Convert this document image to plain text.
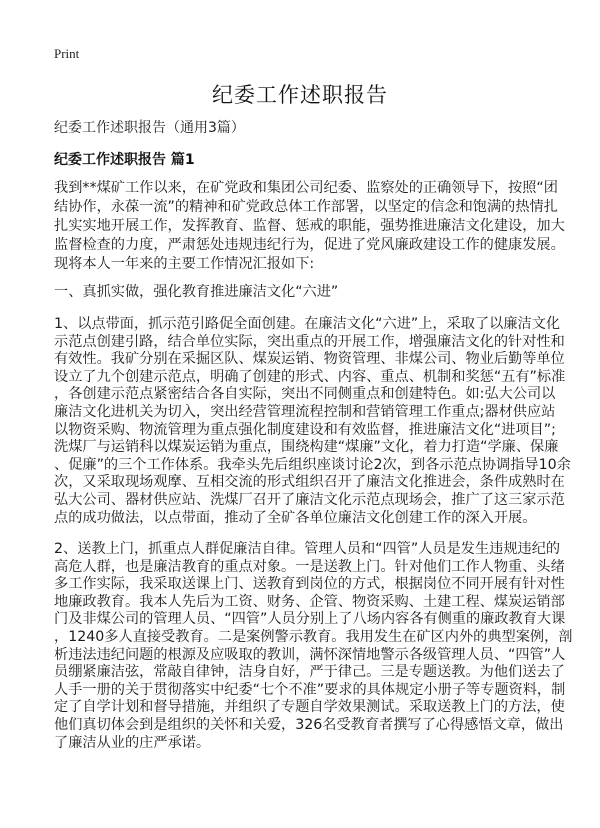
Print
纪委工作述职报告
纪委工作述职报告（通用3篇）
纪委工作述职报告 篇1
我到**煤矿工作以来，在矿党政和集团公司纪委、监察处的正确领导下，按照“团
结协作，永葆一流”的精神和矿党政总体工作部署，以坚定的信念和饱满的热情扎
扎实实地开展工作，发挥教育、监督、惩戒的职能，强势推进廉洁文化建设，加大
监督检查的力度，严肃惩处违规违纪行为，促进了党风廉政建设工作的健康发展。
现将本人一年来的主要工作情况汇报如下:
一、真抓实做，强化教育推进廉洁文化“六进”
1、以点带面，抓示范引路促全面创建。在廉洁文化“六进”上，采取了以廉洁文化
示范点创建引路，结合单位实际，突出重点的开展工作，增强廉洁文化的针对性和
有效性。我矿分别在采掘区队、煤炭运销、物资管理、非煤公司、物业后勤等单位
设立了九个创建示范点，明确了创建的形式、内容、重点、机制和奖惩“五有”标准
，各创建示范点紧密结合各自实际，突出不同侧重点和创建特色。如:弘大公司以
廉洁文化进机关为切入，突出经营管理流程控制和营销管理工作重点;器材供应站
以物资采购、物流管理为重点强化制度建设和有效监督，推进廉洁文化“进项目”;
洗煤厂与运销科以煤炭运销为重点，围绕构建“煤廉”文化，着力打造“学廉、保廉
、促廉”的三个工作体系。我牵头先后组织座谈讨论2次，到各示范点协调指导10余
次，又采取现场观摩、互相交流的形式组织召开了廉洁文化推进会，条件成熟时在
弘大公司、器材供应站、洗煤厂召开了廉洁文化示范点现场会，推广了这三家示范
点的成功做法，以点带面，推动了全矿各单位廉洁文化创建工作的深入开展。
2、送教上门，抓重点人群促廉洁自律。管理人员和“四管”人员是发生违规违纪的
高危人群，也是廉洁教育的重点对象。一是送教上门。针对他们工作人物重、头绪
多工作实际，我采取送课上门、送教育到岗位的方式，根据岗位不同开展有针对性
地廉政教育。我本人先后为工资、财务、企管、物资采购、土建工程、煤炭运销部
门及非煤公司的管理人员、“四管”人员分别上了八场内容各有侧重的廉政教育大课
，1240多人直接受教育。二是案例警示教育。我用发生在矿区内外的典型案例，剖
析违法违纪问题的根源及应吸取的教训，满怀深情地警示各级管理人员、“四管”人
员绷紧廉洁弦，常敲自律钟，洁身自好，严于律己。三是专题送教。为他们送去了
人手一册的关于贯彻落实中纪委“七个不准”要求的具体规定小册子等专题资料，制
定了自学计划和督导措施，并组织了专题自学效果测试。采取送教上门的方法，使
他们真切体会到是组织的关怀和关爱，326名受教育者撰写了心得感悟文章，做出
了廉洁从业的庄严承诺。
